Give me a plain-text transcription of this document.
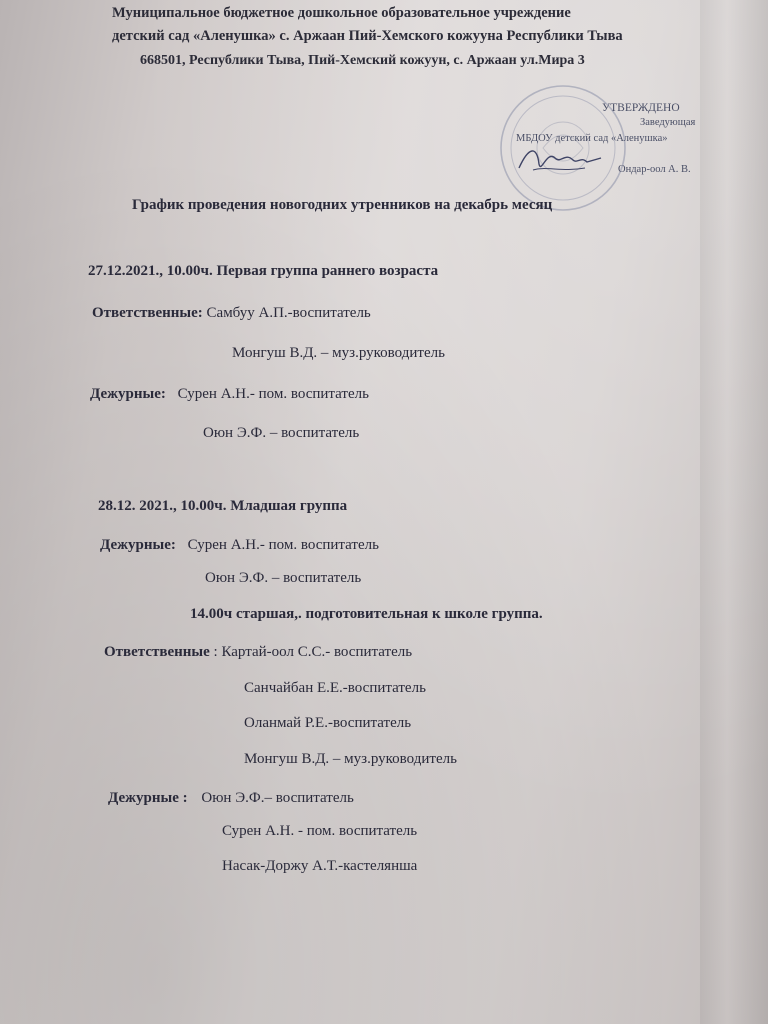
Муниципальное бюджетное дошкольное образовательное учреждение
детский сад «Аленушка» с. Аржаан Пий-Хемского кожууна Республики Тыва
668501, Республики Тыва, Пий-Хемский кожуун, с. Аржаан ул.Мира 3
УТВЕРЖДЕНО
Заведующая
МБДОУ детский сад «Аленушка»
Ондар-оол А. В.
График проведения новогодних утренников на декабрь месяц
27.12.2021., 10.00ч. Первая группа раннего возраста
Ответственные: Самбуу А.П.-воспитатель
Монгуш В.Д. – муз.руководитель
Дежурные: Сурен А.Н.- пом. воспитатель
Оюн Э.Ф. – воспитатель
28.12. 2021., 10.00ч. Младшая группа
Дежурные: Сурен А.Н.- пом. воспитатель
Оюн Э.Ф. – воспитатель
14.00ч старшая,. подготовительная к школе группа.
Ответственные : Картай-оол С.С.- воспитатель
Санчайбан Е.Е.-воспитатель
Оланмай Р.Е.-воспитатель
Монгуш В.Д. – муз.руководитель
Дежурные : Оюн Э.Ф.– воспитатель
Сурен А.Н. - пом. воспитатель
Насак-Доржу А.Т.-кастелянша
